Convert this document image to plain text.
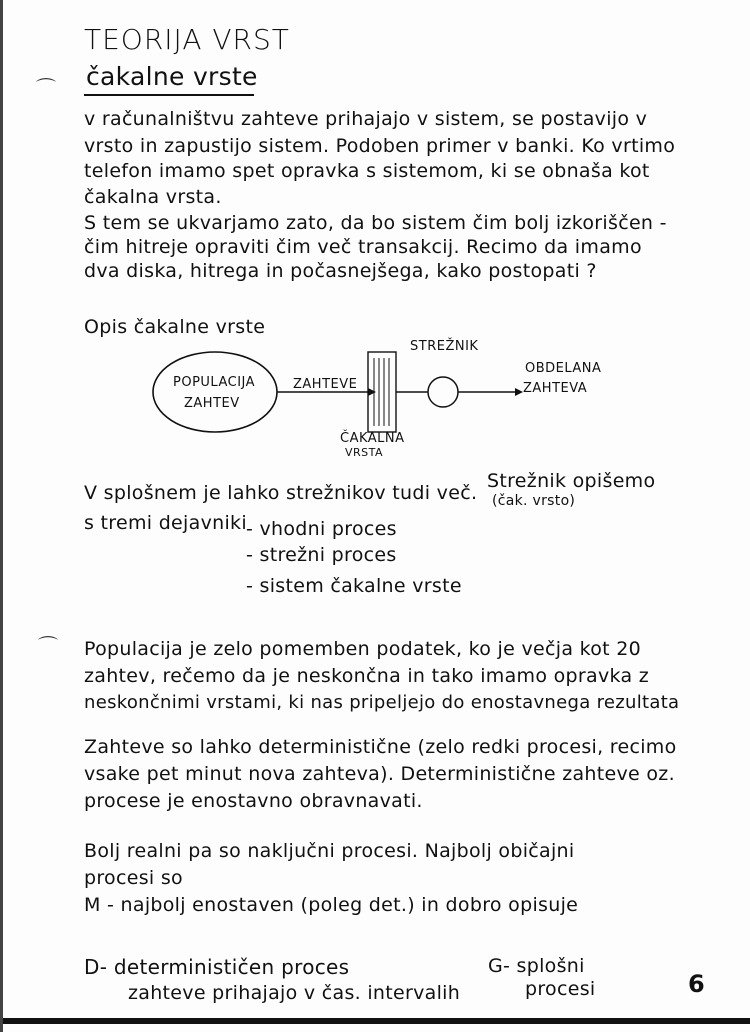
TEORIJA VRST
čakalne vrste
⌒
v računalništvu zahteve prihajajo v sistem, se postavijo v
vrsto in zapustijo sistem. Podoben primer v banki. Ko vrtimo
telefon imamo spet opravka s sistemom, ki se obnaša kot
čakalna vrsta.
S tem se ukvarjamo zato, da bo sistem čim bolj izkoriščen -
čim hitreje opraviti čim več transakcij. Recimo da imamo
dva diska, hitrega in počasnejšega, kako postopati ?
Opis čakalne vrste
POPULACIJA
ZAHTEV
ZAHTEVE
STREŽNIK
ČAKALNA
VRSTA
OBDELANA
ZAHTEVA
V splošnem je lahko strežnikov tudi več.
Strežnik opišemo
(čak. vrsto)
s tremi dejavniki - vhodni proces
- strežni proces
- sistem čakalne vrste
⌒ Populacija je zelo pomemben podatek, ko je večja kot 20
zahtev, rečemo da je neskončna in tako imamo opravka z
neskončnimi vrstami, ki nas pripeljejo do enostavnega rezultata
Zahteve so lahko deterministične (zelo redki procesi, recimo
vsake pet minut nova zahteva). Deterministične zahteve oz.
procese je enostavno obravnavati.
Bolj realni pa so naključni procesi. Najbolj običajni
procesi so
M - najbolj enostaven (poleg det.) in dobro opisuje
D- determinističen proces
zahteve prihajajo v čas. intervalih
G- splošni
procesi	6
